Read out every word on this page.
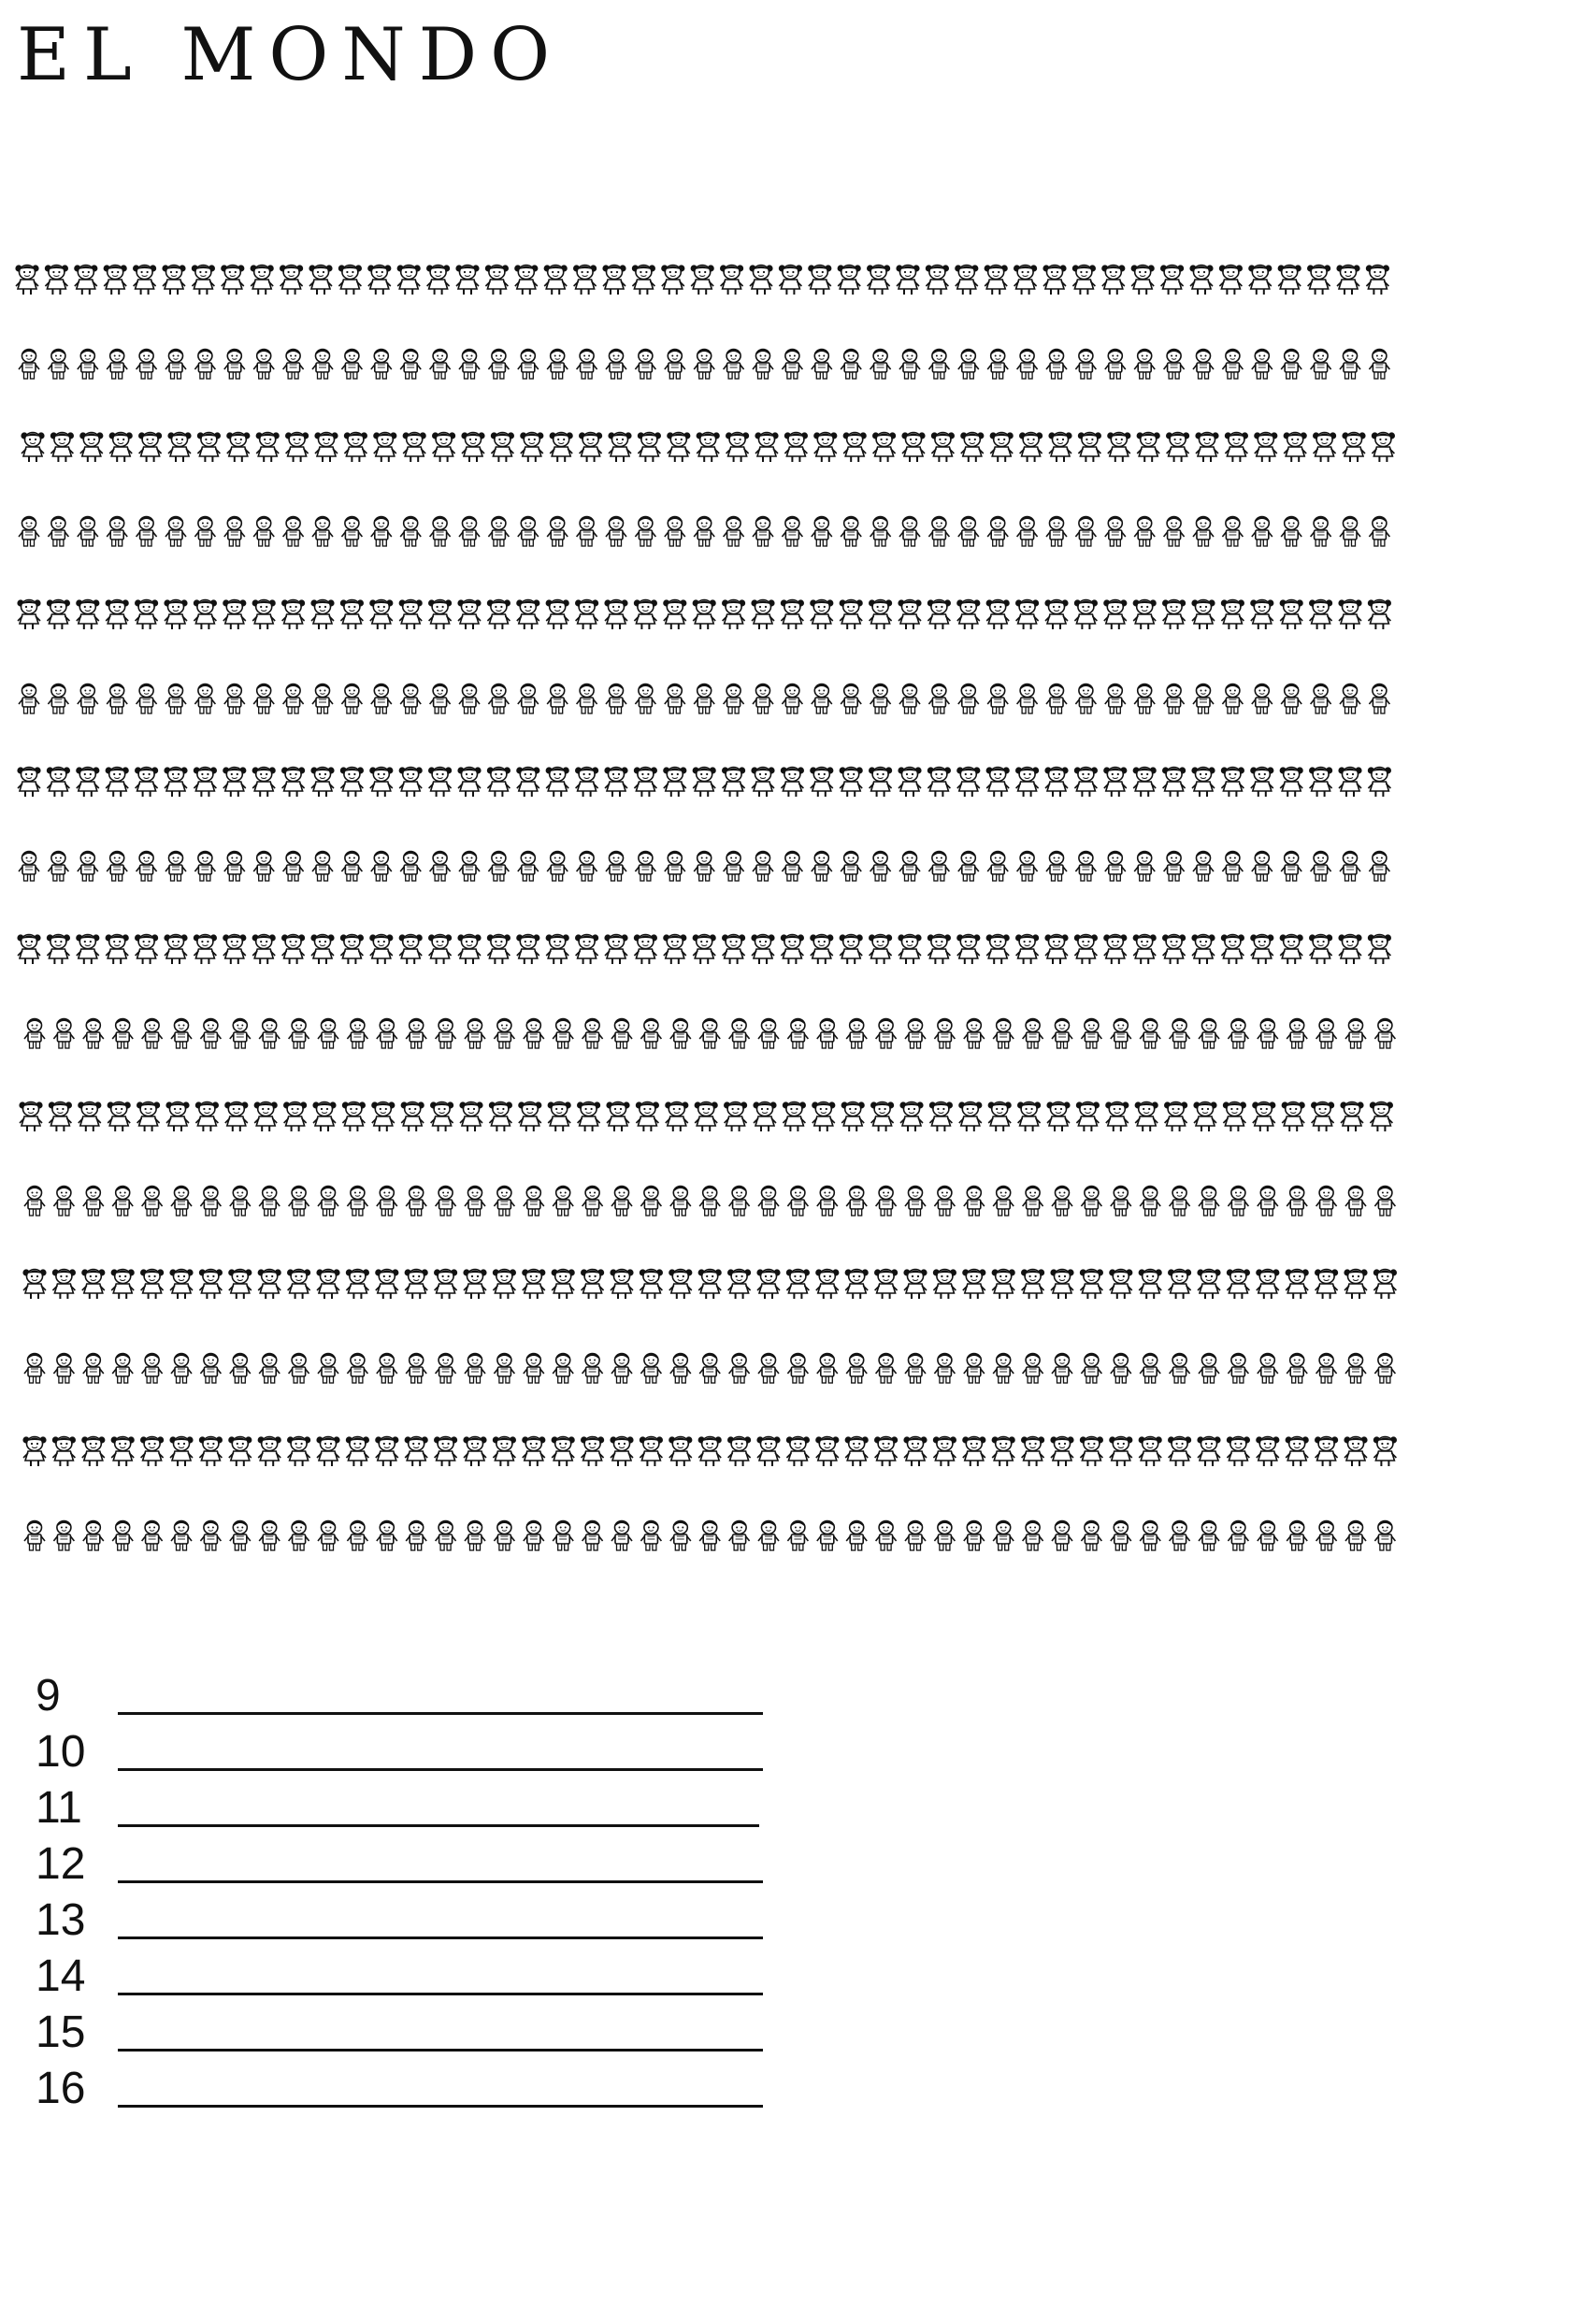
EL MONDO
9
10
11
12
13
14
15
16
